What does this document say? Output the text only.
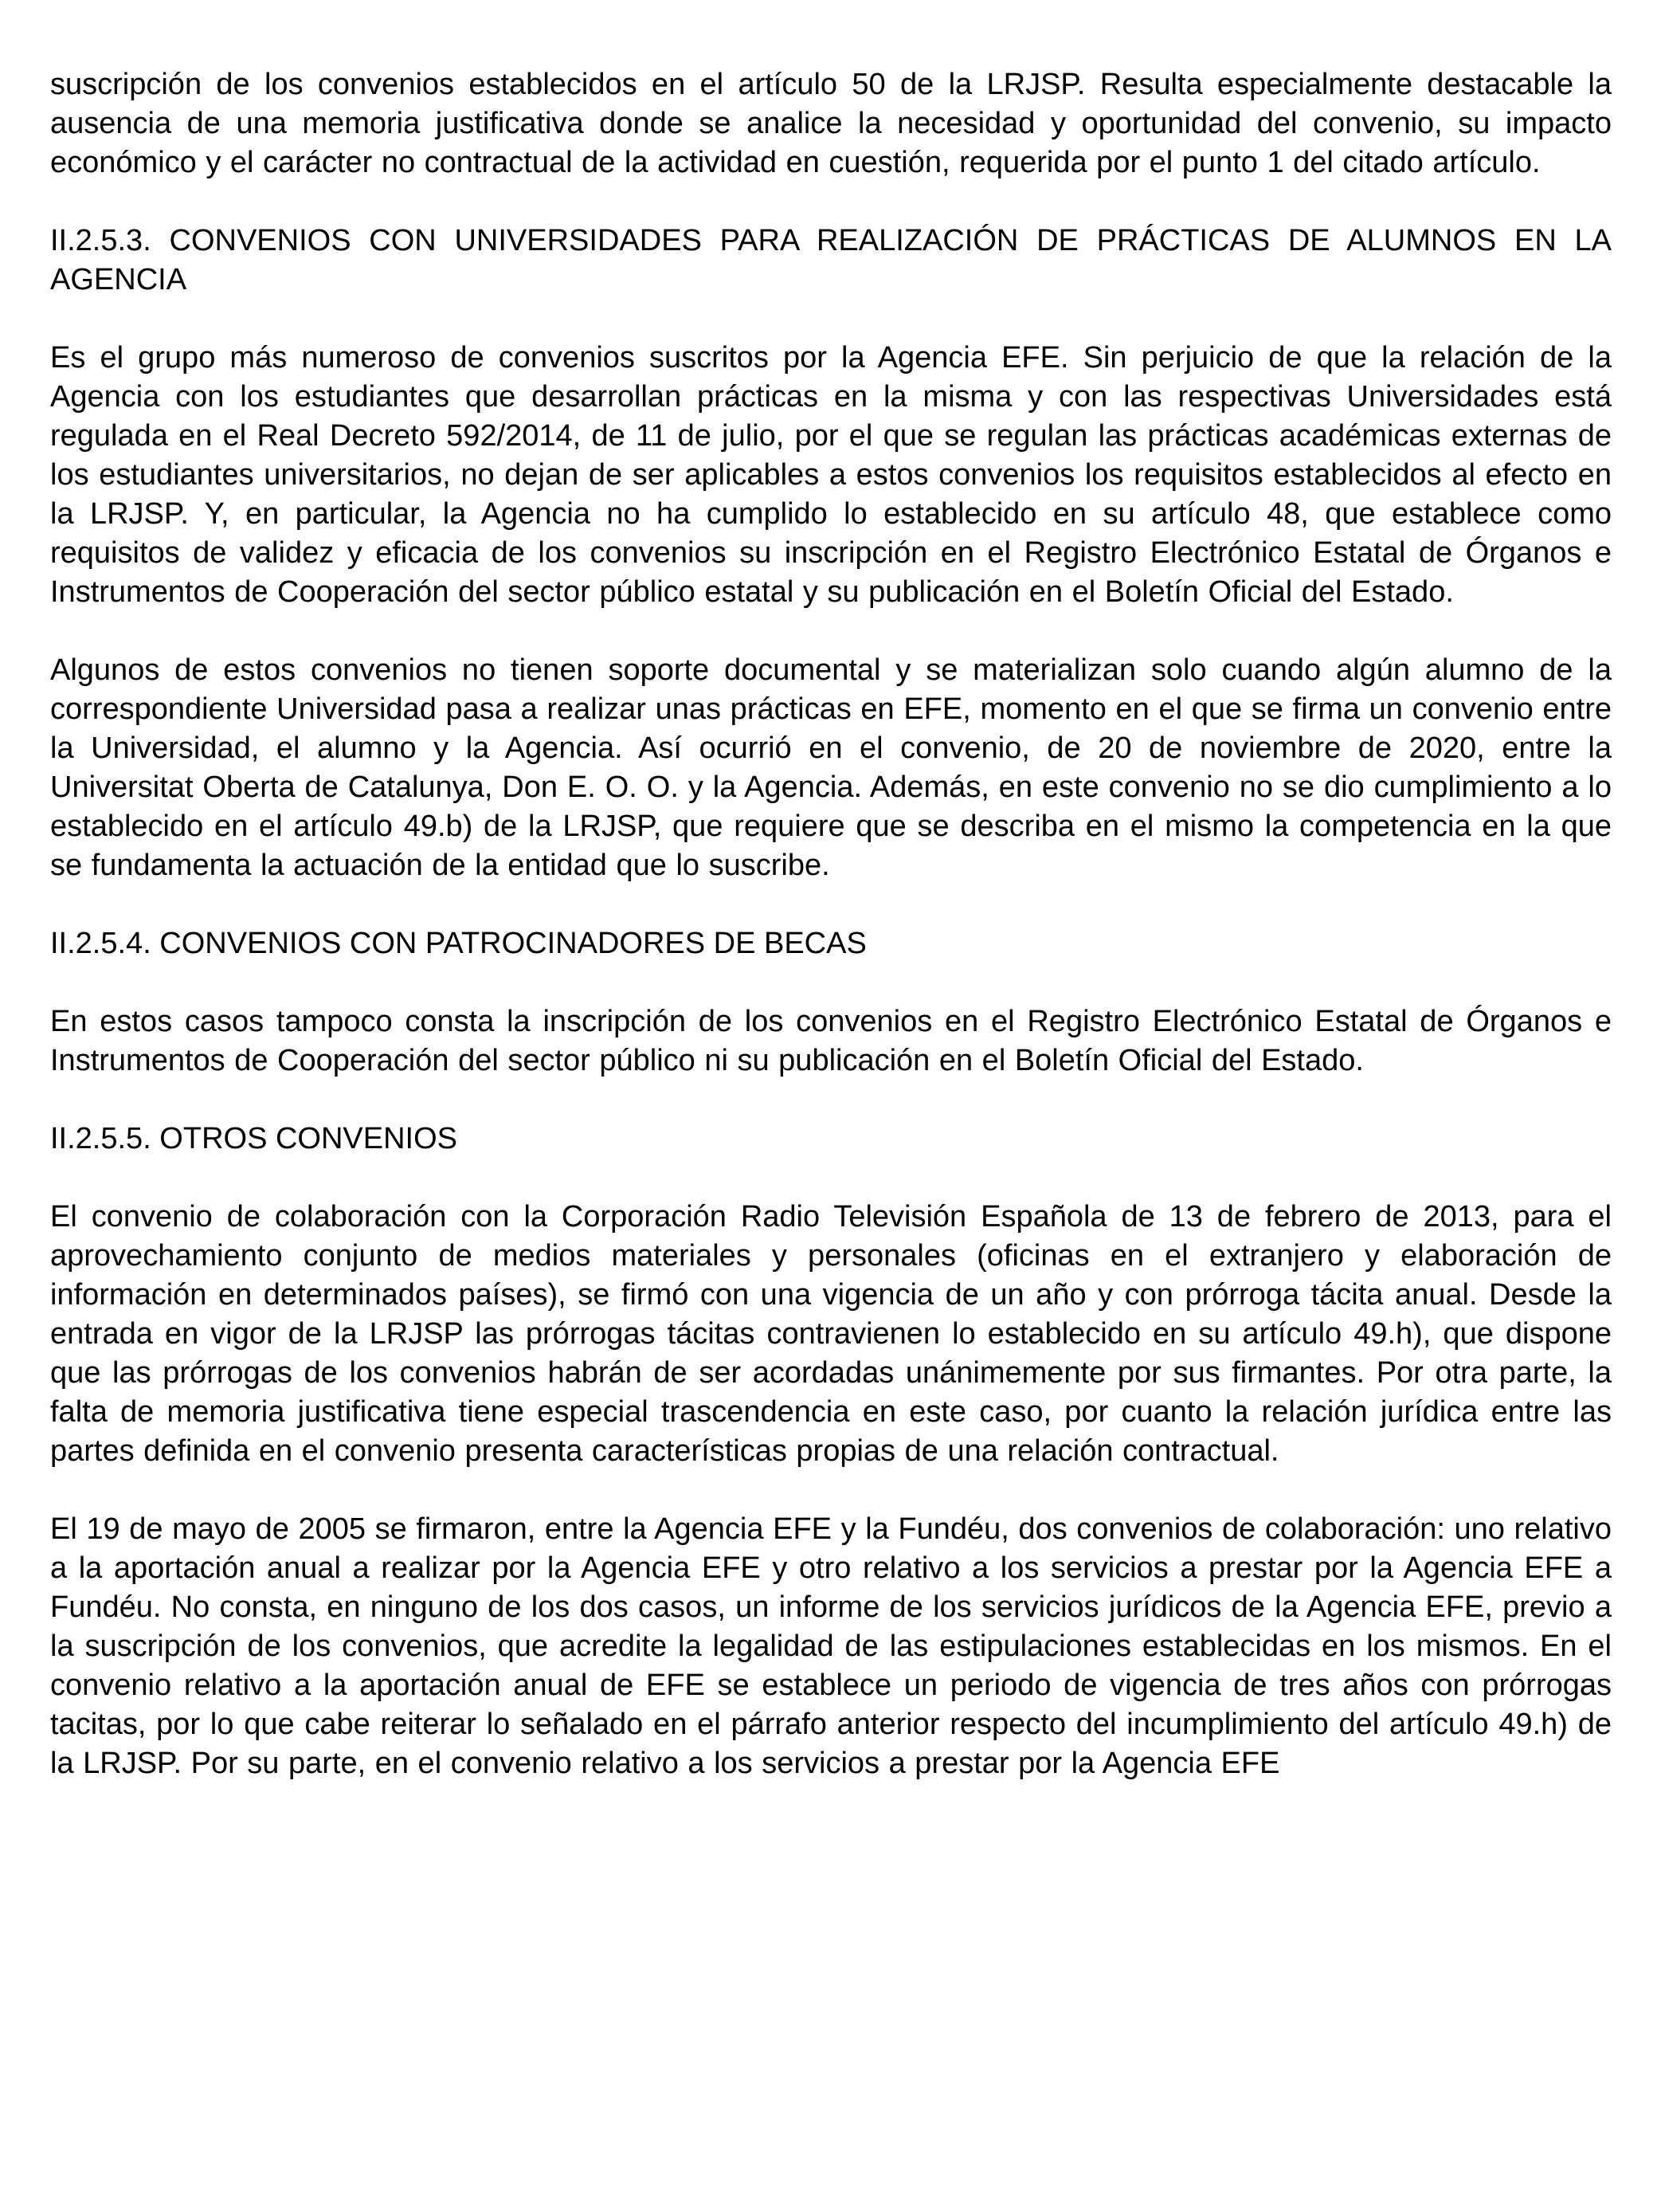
suscripción de los convenios establecidos en el artículo 50 de la LRJSP. Resulta especialmente destacable la ausencia de una memoria justificativa donde se analice la necesidad y oportunidad del convenio, su impacto económico y el carácter no contractual de la actividad en cuestión, requerida por el punto 1 del citado artículo.

II.2.5.3. CONVENIOS CON UNIVERSIDADES PARA REALIZACIÓN DE PRÁCTICAS DE ALUMNOS EN LA AGENCIA

Es el grupo más numeroso de convenios suscritos por la Agencia EFE. Sin perjuicio de que la relación de la Agencia con los estudiantes que desarrollan prácticas en la misma y con las respectivas Universidades está regulada en el Real Decreto 592/2014, de 11 de julio, por el que se regulan las prácticas académicas externas de los estudiantes universitarios, no dejan de ser aplicables a estos convenios los requisitos establecidos al efecto en la LRJSP. Y, en particular, la Agencia no ha cumplido lo establecido en su artículo 48, que establece como requisitos de validez y eficacia de los convenios su inscripción en el Registro Electrónico Estatal de Órganos e Instrumentos de Cooperación del sector público estatal y su publicación en el Boletín Oficial del Estado.

Algunos de estos convenios no tienen soporte documental y se materializan solo cuando algún alumno de la correspondiente Universidad pasa a realizar unas prácticas en EFE, momento en el que se firma un convenio entre la Universidad, el alumno y la Agencia. Así ocurrió en el convenio, de 20 de noviembre de 2020, entre la Universitat Oberta de Catalunya, Don E. O. O. y la Agencia. Además, en este convenio no se dio cumplimiento a lo establecido en el artículo 49.b) de la LRJSP, que requiere que se describa en el mismo la competencia en la que se fundamenta la actuación de la entidad que lo suscribe.

II.2.5.4. CONVENIOS CON PATROCINADORES DE BECAS

En estos casos tampoco consta la inscripción de los convenios en el Registro Electrónico Estatal de Órganos e Instrumentos de Cooperación del sector público ni su publicación en el Boletín Oficial del Estado.

II.2.5.5. OTROS CONVENIOS

El convenio de colaboración con la Corporación Radio Televisión Española de 13 de febrero de 2013, para el aprovechamiento conjunto de medios materiales y personales (oficinas en el extranjero y elaboración de información en determinados países), se firmó con una vigencia de un año y con prórroga tácita anual. Desde la entrada en vigor de la LRJSP las prórrogas tácitas contravienen lo establecido en su artículo 49.h), que dispone que las prórrogas de los convenios habrán de ser acordadas unánimemente por sus firmantes. Por otra parte, la falta de memoria justificativa tiene especial trascendencia en este caso, por cuanto la relación jurídica entre las partes definida en el convenio presenta características propias de una relación contractual.

El 19 de mayo de 2005 se firmaron, entre la Agencia EFE y la Fundéu, dos convenios de colaboración: uno relativo a la aportación anual a realizar por la Agencia EFE y otro relativo a los servicios a prestar por la Agencia EFE a Fundéu. No consta, en ninguno de los dos casos, un informe de los servicios jurídicos de la Agencia EFE, previo a la suscripción de los convenios, que acredite la legalidad de las estipulaciones establecidas en los mismos. En el convenio relativo a la aportación anual de EFE se establece un periodo de vigencia de tres años con prórrogas tacitas, por lo que cabe reiterar lo señalado en el párrafo anterior respecto del incumplimiento del artículo 49.h) de la LRJSP. Por su parte, en el convenio relativo a los servicios a prestar por la Agencia EFE
